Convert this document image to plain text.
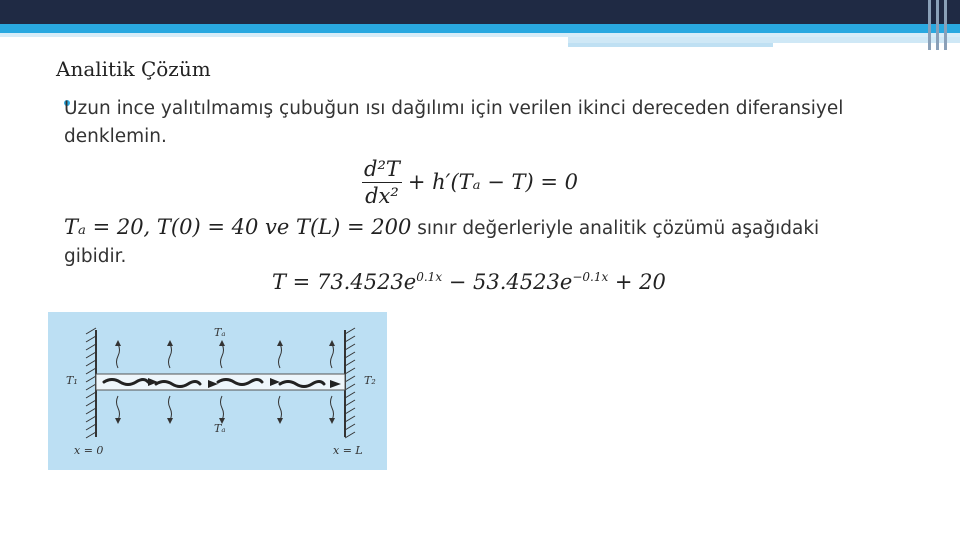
Analitik Çözüm
Uzun ince yalıtılmamış çubuğun ısı dağılımı için verilen ikinci dereceden diferansiyel denklemin.
$\frac{\text{d²T}}{\text{dx²}} + h'(T_a - T) = 0$
Tₐ = 20, T(0) = 40 ve T(L) = 200 sınır değerleriyle analitik çözümü aşağıdaki gibidir.
$T = 73.4523e^{0.1x} - 53.4523e^{-0.1x} + 20$
Tₐ
Tₐ
T₁	T₂
x = 0	x = L
